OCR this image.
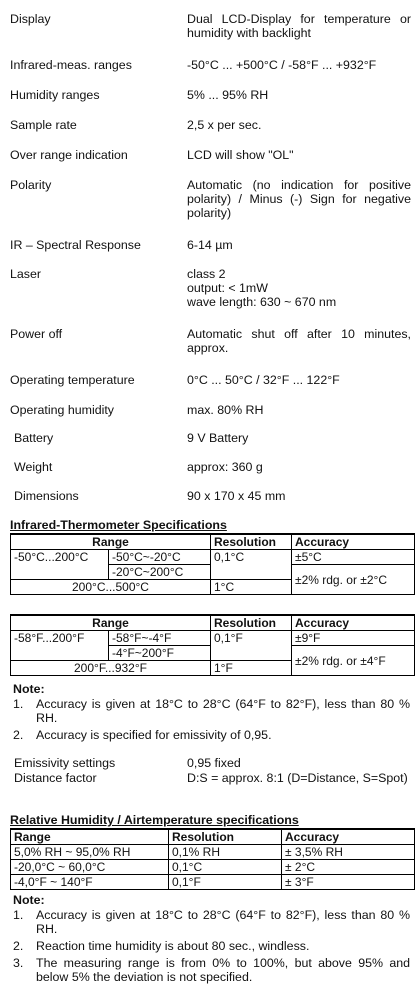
Display	Dual LCD-Display for temperature or humidity with backlight
Infrared-meas. ranges	-50°C ... +500°C / -58°F ... +932°F
Humidity ranges	5% ... 95% RH
Sample rate	2,5 x per sec.
Over range indication	LCD will show "OL"
Polarity	Automatic (no indication for positive polarity) / Minus (-) Sign for negative polarity)
IR – Spectral Response	6-14 µm
Laser	class 2
output: < 1mW
wave length: 630 ~ 670 nm
Power off	Automatic shut off after 10 minutes, approx.
Operating temperature	0°C ... 50°C / 32°F ... 122°F
Operating humidity	max. 80% RH
Battery	9 V Battery
Weight	approx: 360 g
Dimensions	90 x 170 x 45 mm
Infrared-Thermometer Specifications
Range		Resolution	Accuracy
-50°C...200°C	-50°C~-20°C	0,1°C	±5°C
	-20°C~200°C		±2% rdg. or ±2°C
200°C...500°C		1°C	
Range		Resolution	Accuracy
-58°F...200°F	-58°F~-4°F	0,1°F	±9°F
	-4°F~200°F		±2% rdg. or ±4°F
200°F...932°F		1°F	
Note:
1. Accuracy is given at 18°C to 28°C (64°F to 82°F), less than 80 % RH.
2. Accuracy is specified for emissivity of 0,95.
Emissivity settings	0,95 fixed
Distance factor	D:S = approx. 8:1 (D=Distance, S=Spot)
Relative Humidity / Airtemperature specifications
Range	Resolution	Accuracy
5,0% RH ~ 95,0% RH	0,1% RH	± 3,5% RH
-20,0°C ~ 60,0°C	0,1°C	± 2°C
-4,0°F ~ 140°F	0,1°F	± 3°F
Note:
1. Accuracy is given at 18°C to 28°C (64°F to 82°F), less than 80 % RH.
2. Reaction time humidity is about 80 sec., windless.
3. The measuring range is from 0% to 100%, but above 95% and below 5% the deviation is not specified.
